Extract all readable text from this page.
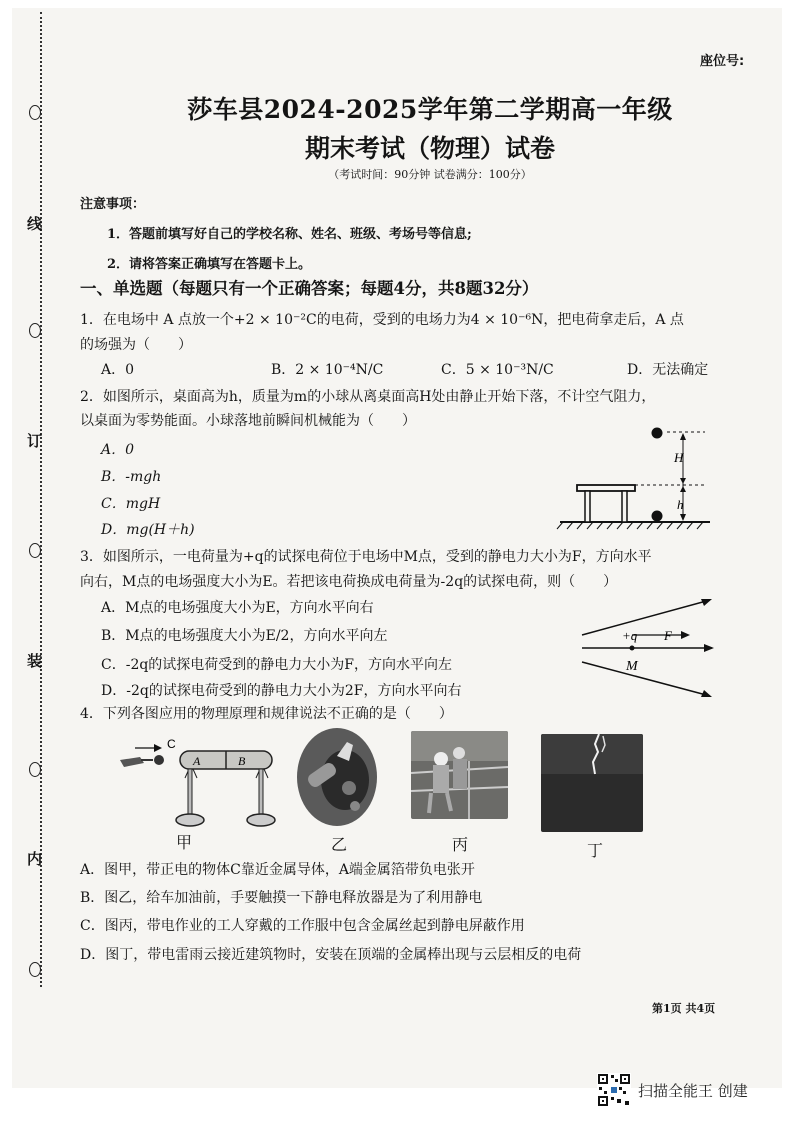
线
订
装
内
座位号:
莎车县2024-2025学年第二学期高一年级
期末考试（物理）试卷
（考试时间：90分钟 试卷满分：100分）
注意事项：
1．答题前填写好自己的学校名称、姓名、班级、考场号等信息;
2．请将答案正确填写在答题卡上。
一、单选题（每题只有一个正确答案；每题4分，共8题32分）
1．在电场中 A 点放一个+2 × 10⁻²C的电荷，受到的电场力为4 × 10⁻⁶N，把电荷拿走后，A 点
的场强为（　　）
A．0	B．2 × 10⁻⁴N/C	C．5 × 10⁻³N/C	D．无法确定
2．如图所示，桌面高为h，质量为m的小球从离桌面高H处由静止开始下落，不计空气阻力，
以桌面为零势能面。小球落地前瞬间机械能为（　　）
A．0
B．-mgh
C．mgH
D．mg(H＋h)
H
h
3．如图所示，一电荷量为+q的试探电荷位于电场中M点，受到的静电力大小为F，方向水平
向右，M点的电场强度大小为E。若把该电荷换成电荷量为-2q的试探电荷，则（　　）
A．M点的电场强度大小为E，方向水平向右
B．M点的电场强度大小为E/2，方向水平向左
C．-2q的试探电荷受到的静电力大小为F，方向水平向左
D．-2q的试探电荷受到的静电力大小为2F，方向水平向右
+q F
M
4．下列各图应用的物理原理和规律说法不正确的是（　　）
C
A	B
甲	乙	丙	丁
A．图甲，带正电的物体C靠近金属导体，A端金属箔带负电张开
B．图乙，给车加油前，手要触摸一下静电释放器是为了利用静电
C．图丙，带电作业的工人穿戴的工作服中包含金属丝起到静电屏蔽作用
D．图丁，带电雷雨云接近建筑物时，安装在顶端的金属棒出现与云层相反的电荷
第1页 共4页
扫描全能王 创建
